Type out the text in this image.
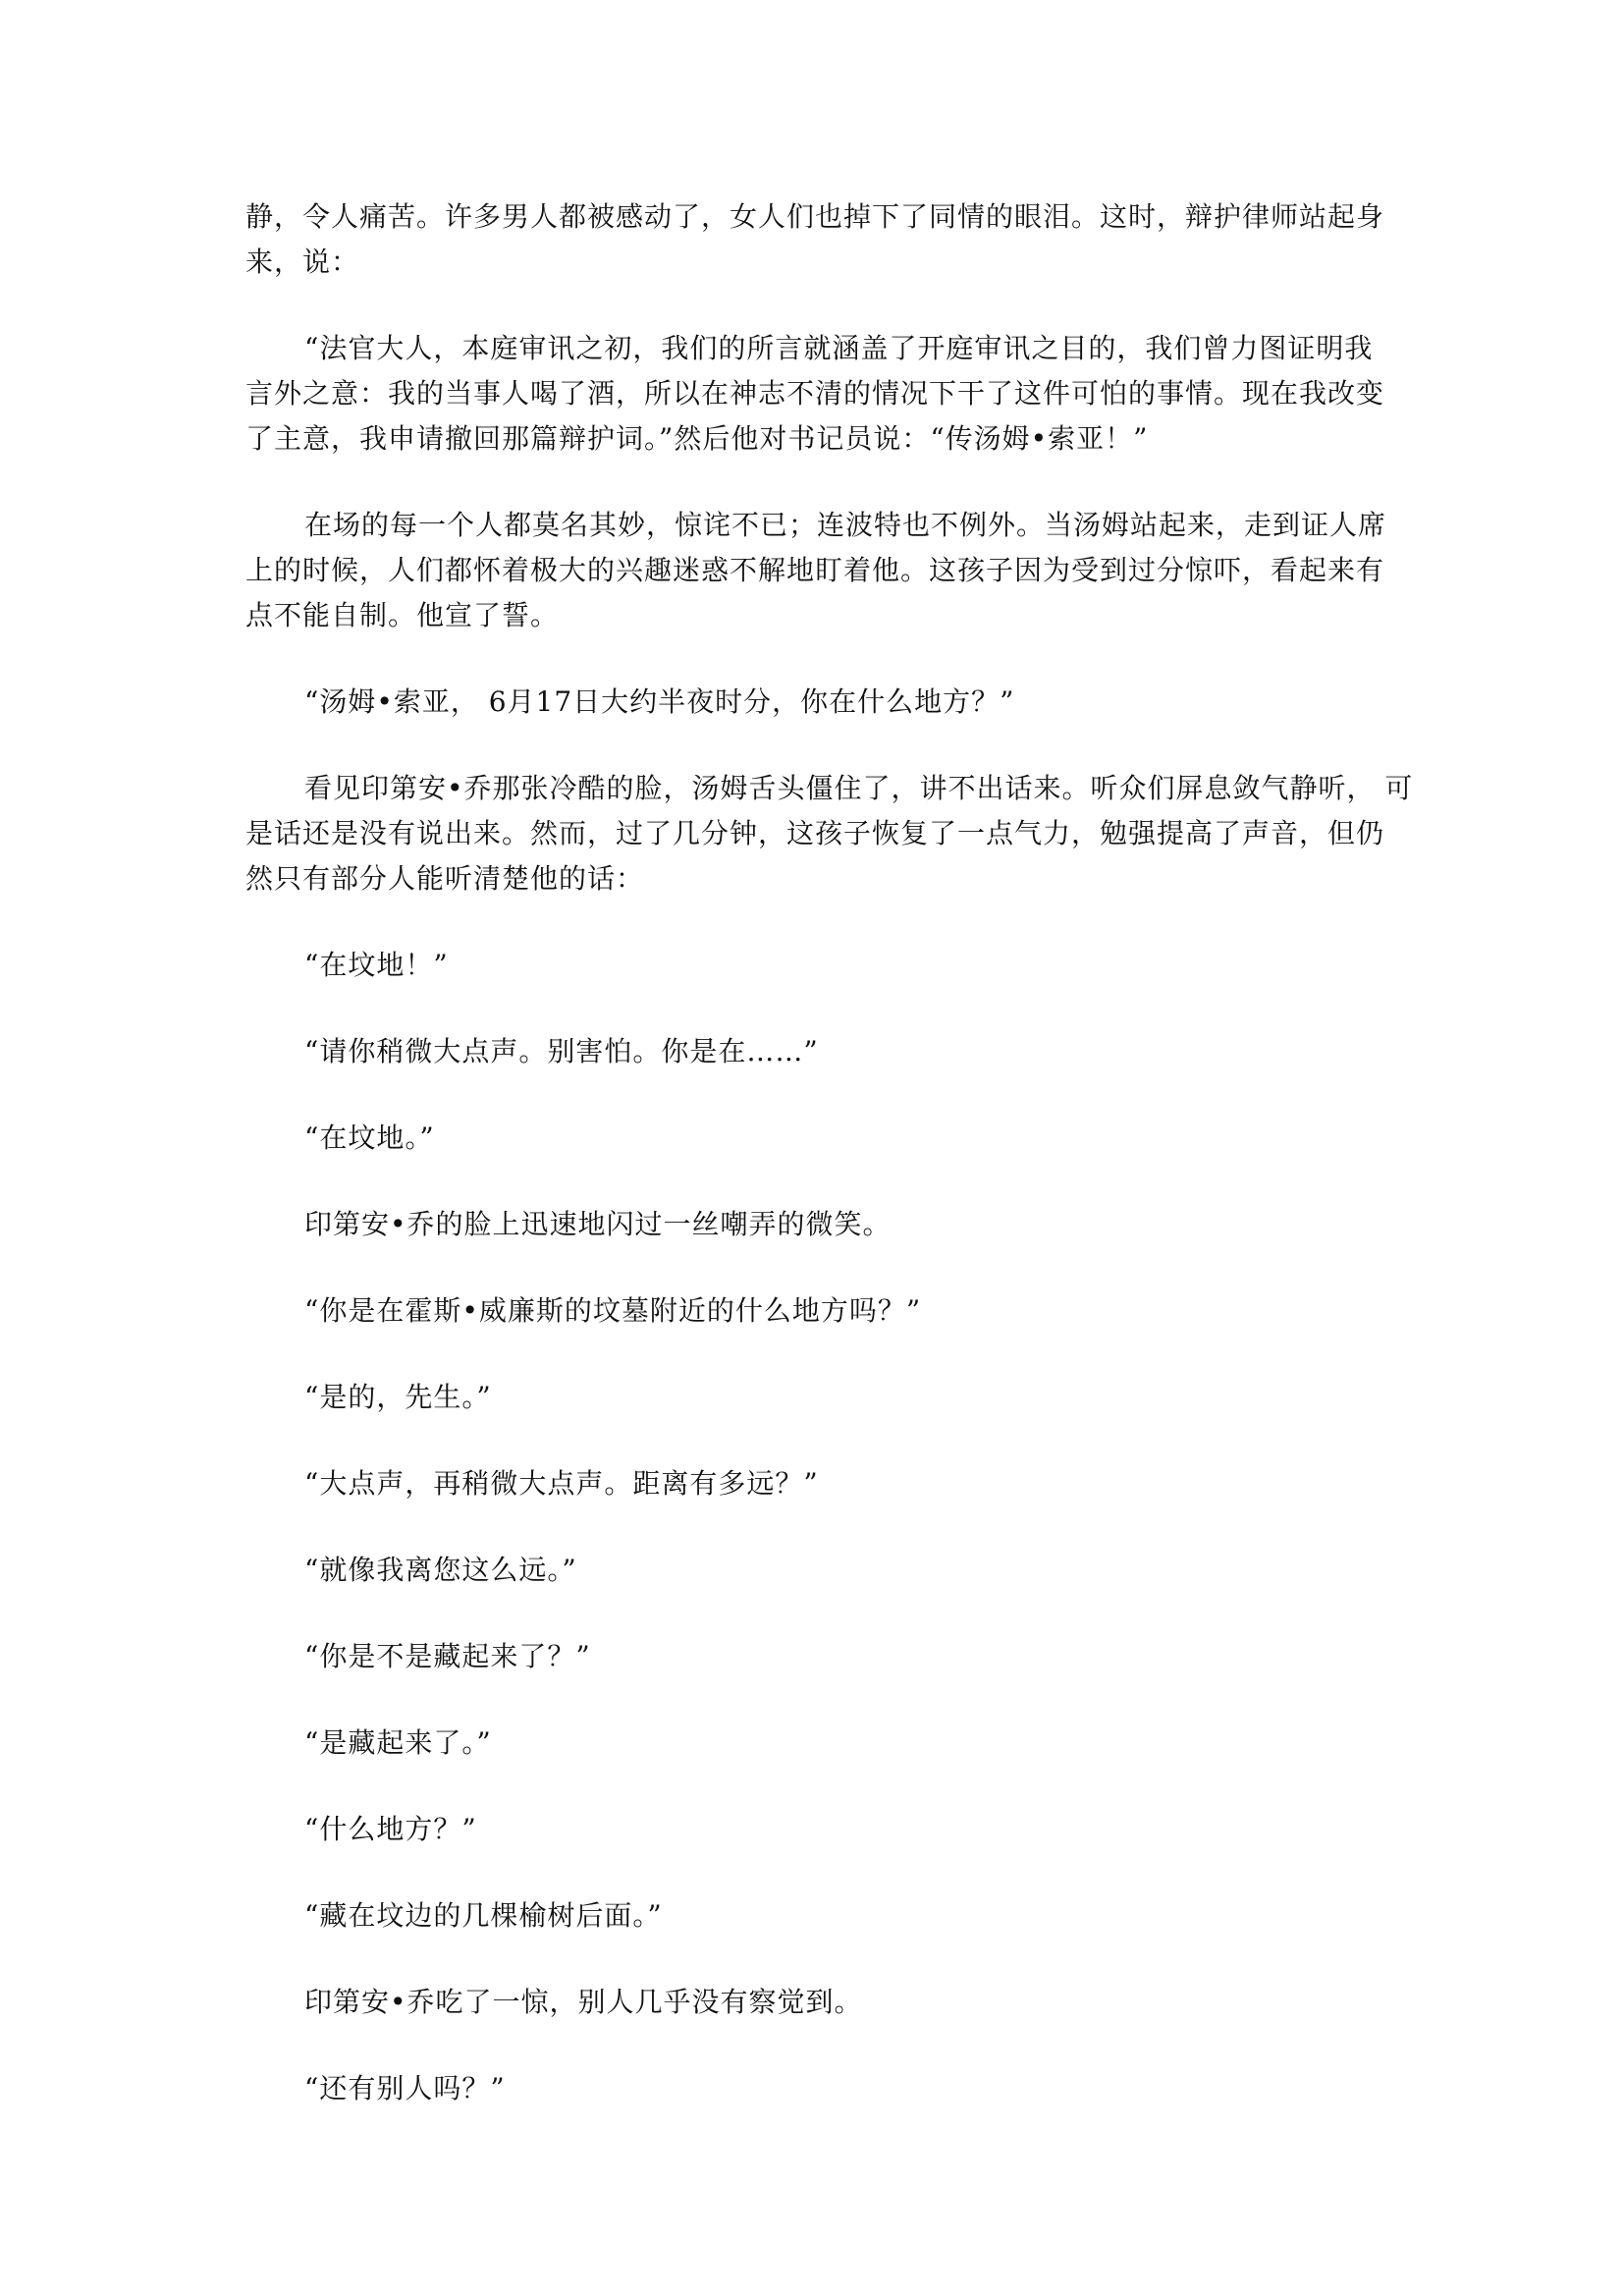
静，令人痛苦。许多男人都被感动了，女人们也掉下了同情的眼泪。这时，辩护律师站起身
来，说：
“法官大人，本庭审讯之初，我们的所言就涵盖了开庭审讯之目的，我们曾力图证明我
言外之意：我的当事人喝了酒，所以在神志不清的情况下干了这件可怕的事情。现在我改变
了主意，我申请撤回那篇辩护词。”然后他对书记员说：“传汤姆•索亚！”
在场的每一个人都莫名其妙，惊诧不已；连波特也不例外。当汤姆站起来，走到证人席
上的时候，人们都怀着极大的兴趣迷惑不解地盯着他。这孩子因为受到过分惊吓，看起来有
点不能自制。他宣了誓。
“汤姆•索亚， 6月17日大约半夜时分，你在什么地方？”
看见印第安•乔那张冷酷的脸，汤姆舌头僵住了，讲不出话来。听众们屏息敛气静听， 可
是话还是没有说出来。然而，过了几分钟，这孩子恢复了一点气力，勉强提高了声音，但仍
然只有部分人能听清楚他的话：
“在坟地！”
“请你稍微大点声。别害怕。你是在……”
“在坟地。”
印第安•乔的脸上迅速地闪过一丝嘲弄的微笑。
“你是在霍斯•威廉斯的坟墓附近的什么地方吗？”
“是的，先生。”
“大点声，再稍微大点声。距离有多远？”
“就像我离您这么远。”
“你是不是藏起来了？”
“是藏起来了。”
“什么地方？”
“藏在坟边的几棵榆树后面。”
印第安•乔吃了一惊，别人几乎没有察觉到。
“还有别人吗？”
